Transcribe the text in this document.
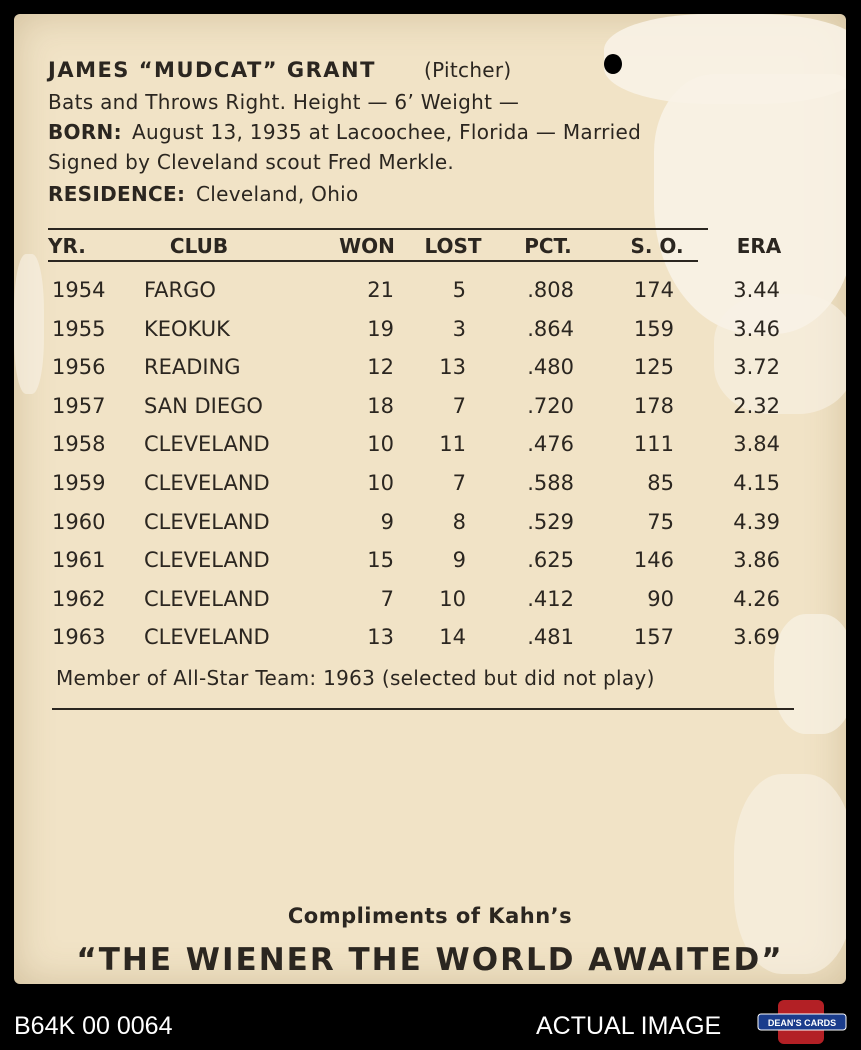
JAMES “MUDCAT” GRANT (Pitcher)
Bats and Throws Right. Height — 6’ Weight —
BORN: August 13, 1935 at Lacoochee, Florida — Married
Signed by Cleveland scout Fred Merkle.
RESIDENCE: Cleveland, Ohio
YR.	CLUB	WON	LOST	PCT.	S. O.	ERA
1954	FARGO	21	5	.808	174	3.44
1955	KEOKUK	19	3	.864	159	3.46
1956	READING	12	13	.480	125	3.72
1957	SAN DIEGO	18	7	.720	178	2.32
1958	CLEVELAND	10	11	.476	111	3.84
1959	CLEVELAND	10	7	.588	85	4.15
1960	CLEVELAND	9	8	.529	75	4.39
1961	CLEVELAND	15	9	.625	146	3.86
1962	CLEVELAND	7	10	.412	90	4.26
1963	CLEVELAND	13	14	.481	157	3.69
Member of All-Star Team: 1963 (selected but did not play)
Compliments of Kahn’s
“THE WIENER THE WORLD AWAITED”
B64K 00 0064	ACTUAL IMAGE	DEAN'S CARDS
